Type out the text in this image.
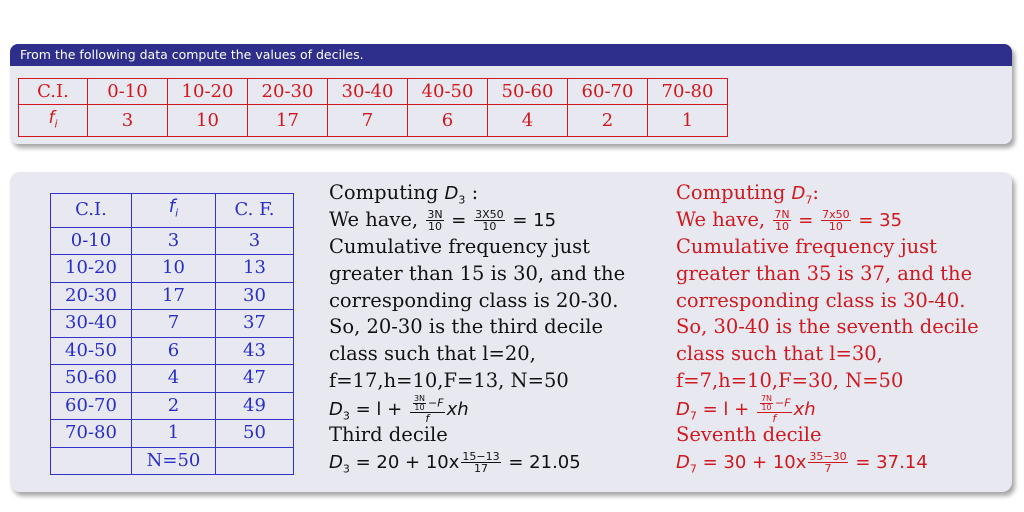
From the following data compute the values of deciles.
C.I.	0-10	10-20	20-30	30-40	40-50	50-60	60-70	70-80
$f_i$	3	10	17	7	6	4	2	1
C.I.	$f_i$	C. F.
0-10	3	3
10-20	10	13
20-30	17	30
30-40	7	37
40-50	6	43
50-60	4	47
60-70	2	49
70-80	1	50
	N=50	
Computing $D_3$ :
We have, $\frac{3N}{10} = \frac{3X50}{10} = 15$
Cumulative frequency just
greater than 15 is 30, and the
corresponding class is 20-30.
So, 20-30 is the third decile
class such that l=20,
f=17,h=10,F=13, N=50
$D_3 = l + \frac{\frac{3N}{10} -F}{f}$ xh
Third decile
$D_3 = 20 + 10x \frac{15-13}{17} = 21.05$
Computing $D_7$:
We have, $\frac{7N}{10} = \frac{7x50}{10} = 35$
Cumulative frequency just
greater than 35 is 37, and the
corresponding class is 30-40.
So, 30-40 is the seventh decile
class such that l=30,
f=7,h=10,F=30, N=50
$D_7 = l + \frac{\frac{7N}{10} -F}{f}$ xh
Seventh decile
$D_7 = 30 + 10x \frac{35-30}{7} = 37.14$
